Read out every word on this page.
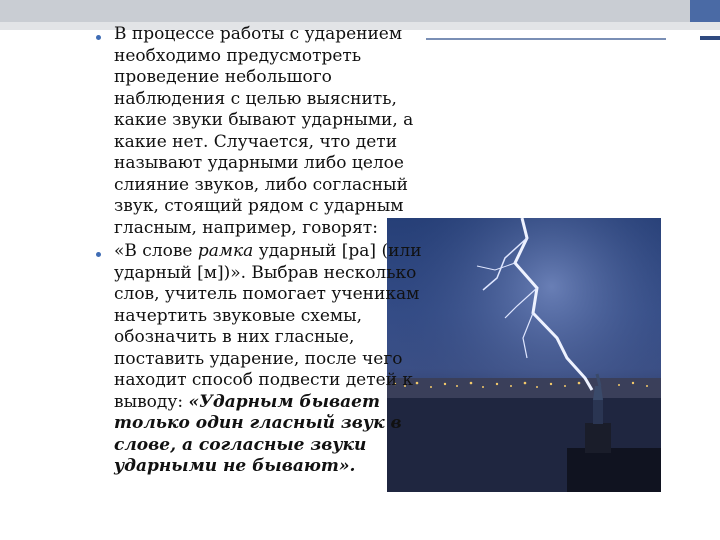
В процессе работы с ударением необходимо предусмотреть проведение небольшого наблюдения с целью выяснить, какие звуки бывают ударными, а какие нет. Случается, что дети называют ударными либо целое слияние звуков, либо согласный звук, стоящий рядом с ударным гласным, например, говорят:
«В слове рамка ударный [ра] (или ударный [м])». Выбрав несколько слов, учитель помогает ученикам начертить звуковые схемы, обозначить в них гласные, поставить ударение, после чего находит способ подвести детей к выводу: «Ударным бывает только один гласный звук в слове, а согласные звуки ударными не бывают».
